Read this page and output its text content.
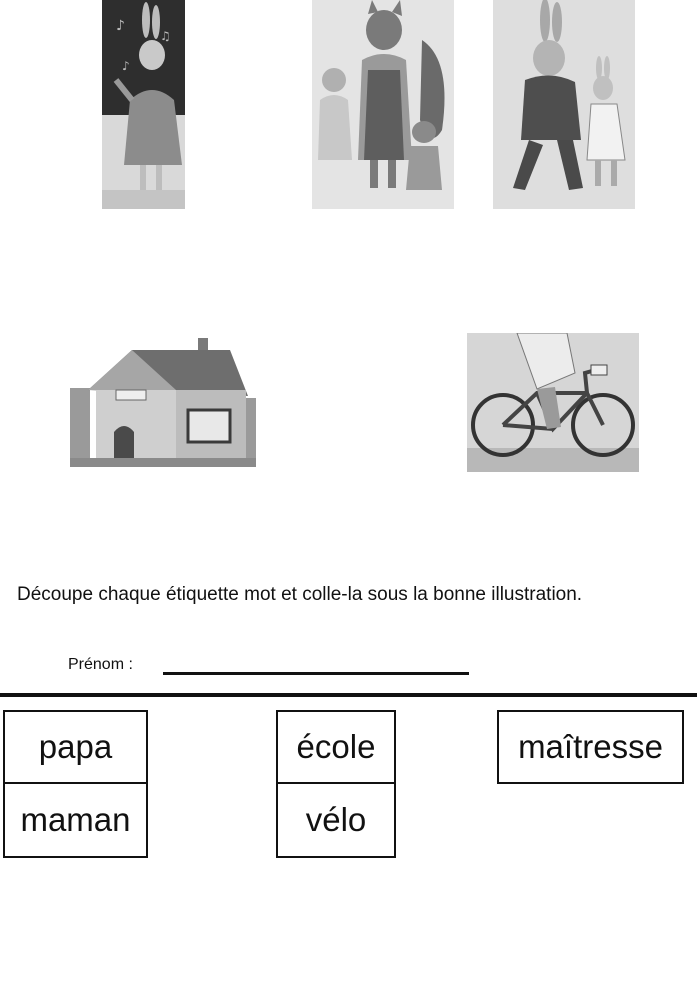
♪
♫
♪
Découpe chaque étiquette mot et colle-la sous la bonne illustration.
Prénom :
papa
maman
école
vélo
maîtresse
